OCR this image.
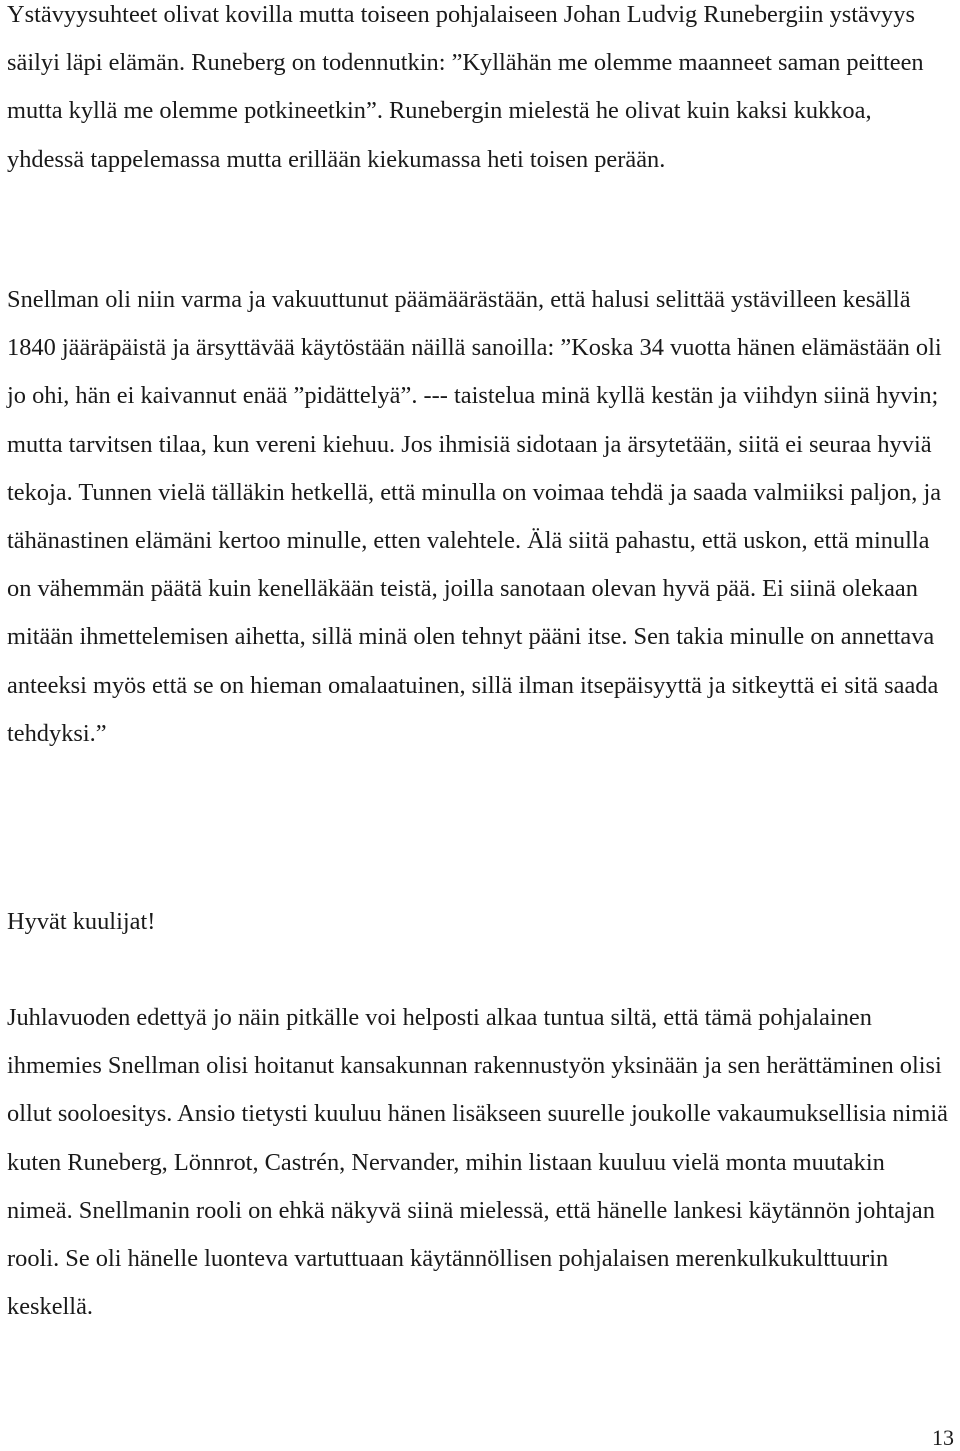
Ystävyysuhteet olivat kovilla mutta toiseen pohjalaiseen Johan Ludvig Runebergiin ystävyys säilyi läpi elämän. Runeberg on todennutkin: ”Kyllähän me olemme maanneet saman peitteen mutta kyllä me olemme potkineetkin”. Runebergin mielestä he olivat kuin kaksi kukkoa, yhdessä tappelemassa mutta erillään kiekumassa heti toisen perään.

Snellman oli niin varma ja vakuuttunut päämäärästään, että halusi selittää ystävilleen kesällä 1840 jääräpäistä ja ärsyttävää käytöstään näillä sanoilla: ”Koska 34 vuotta hänen elämästään oli jo ohi, hän ei kaivannut enää ”pidättelyä”. --- taistelua minä kyllä kestän ja viihdyn siinä hyvin; mutta tarvitsen tilaa, kun vereni kiehuu. Jos ihmisiä sidotaan ja ärsytetään, siitä ei seuraa hyviä tekoja. Tunnen vielä tälläkin hetkellä, että minulla on voimaa tehdä ja saada valmiiksi paljon, ja tähänastinen elämäni kertoo minulle, etten valehtele. Älä siitä pahastu, että uskon, että minulla on vähemmän päätä kuin kenelläkään teistä, joilla sanotaan olevan hyvä pää. Ei siinä olekaan mitään ihmettelemisen aihetta, sillä minä olen tehnyt pääni itse. Sen takia minulle on annettava anteeksi myös että se on hieman omalaatuinen, sillä ilman itsepäisyyttä ja sitkeyttä ei sitä saada tehdyksi.”

Hyvät kuulijat!

Juhlavuoden edettyä jo näin pitkälle voi helposti alkaa tuntua siltä, että tämä pohjalainen ihmemies Snellman olisi hoitanut kansakunnan rakennustyön yksinään ja sen herättäminen olisi ollut sooloesitys. Ansio tietysti kuuluu hänen lisäkseen suurelle joukolle vakaumuksellisia nimiä kuten Runeberg, Lönnrot, Castrén, Nervander, mihin listaan kuuluu vielä monta muutakin nimeä. Snellmanin rooli on ehkä näkyvä siinä mielessä, että hänelle lankesi käytännön johtajan rooli. Se oli hänelle luonteva vartuttuaan käytännöllisen pohjalaisen merenkulkukulttuurin keskellä.

13
